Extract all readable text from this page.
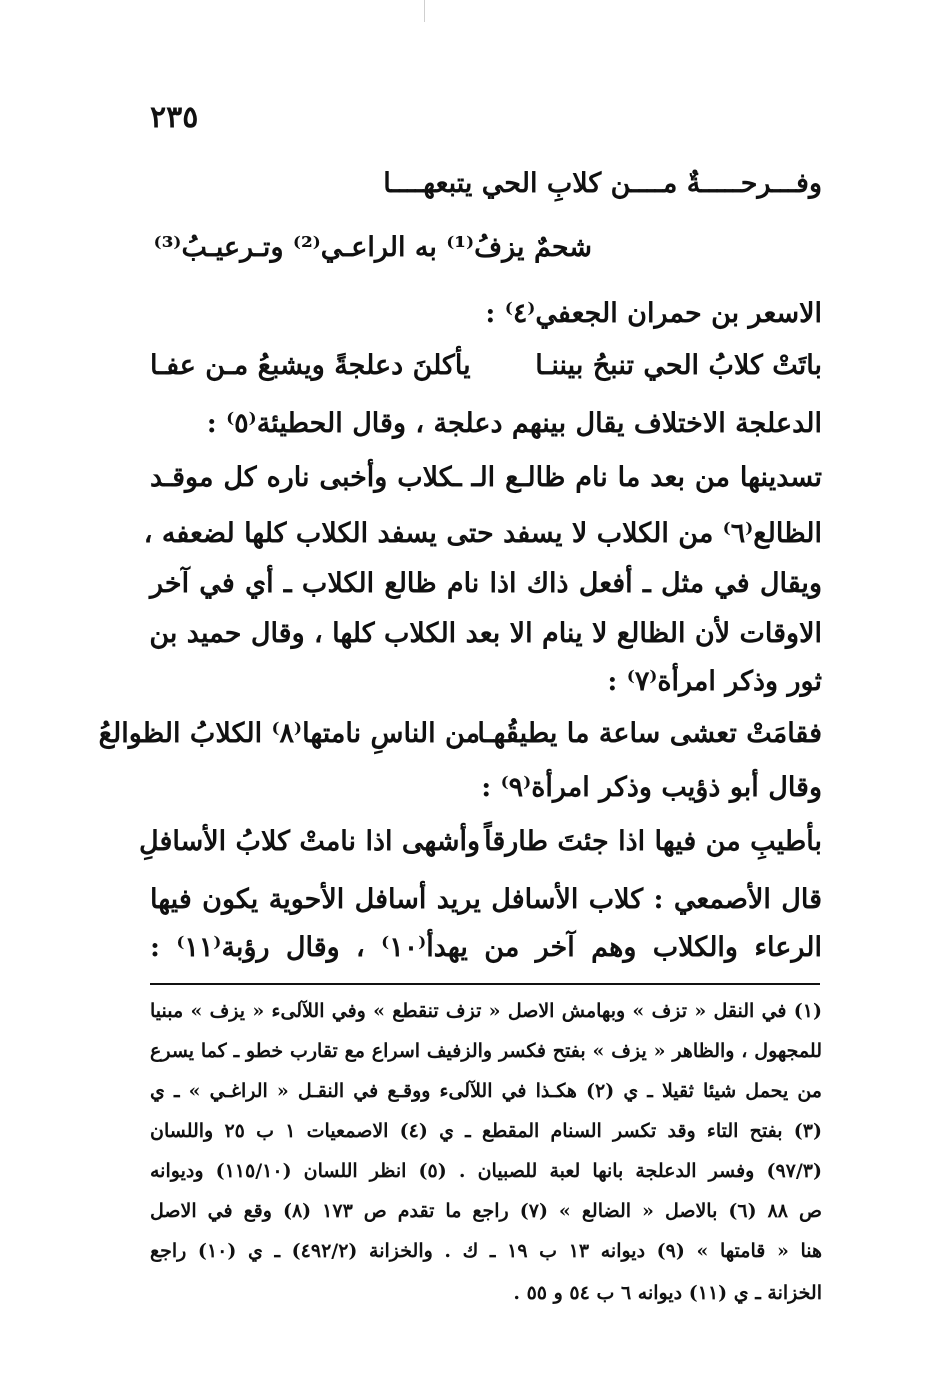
٢٣٥
وفـــرحـــــةٌ مــــن كلابِ الحي يتبعهــــا
شحمٌ يزفُ⁽¹⁾ به الراعـي⁽²⁾ وتـرعيـبُ⁽³⁾
الاسعر بن حمران الجعفي⁽٤⁾ :
باتَتْ كلابُ الحي تنبحُ بيننـا
يأكلنَ دعلجةً ويشبعُ مـن عفـا
الدعلجة الاختلاف يقال بينهم دعلجة ، وقال الحطيئة⁽٥⁾ :
تسدينها من بعد ما نام ظالـع الـ ـكلاب وأخبى ناره كل موقـد
الظالع⁽٦⁾ من الكلاب لا يسفد حتى يسفد الكلاب كلها لضعفه ،
ويقال في مثل ـ أفعل ذاك اذا نام ظالع الكلاب ـ أي في آخر
الاوقات لأن الظالع لا ينام الا بعد الكلاب كلها ، وقال حميد بن
ثور وذكر امرأة⁽٧⁾ :
فقامَتْ تعشى ساعة ما يطيقُهـا
من الناسِ نامتها⁽٨⁾ الكلابُ الظوالعُ
وقال أبو ذؤيب وذكر امرأة⁽٩⁾ :
بأطيبِ من فيها اذا جئتَ طارقاً
وأشهى اذا نامتْ كلابُ الأسافلِ
قال الأصمعي : كلاب الأسافل يريد أسافل الأحوية يكون فيها
الرعاء والكلاب وهم آخر من يهدأ⁽١٠⁾ ، وقال رؤبة⁽١١⁾ :
(١) في النقل « تزف » وبهامش الاصل « تزف تنقطع » وفي اللآلىء « يزف » مبنيا
للمجهول ، والظاهر « يزف » بفتح فكسر والزفيف اسراع مع تقارب خطو ـ كما يسرع
من يحمل شيئا ثقيلا ـ ي (٢) هكـذا في اللآلىء ووقـع في النقـل « الراغـي » ـ ي
(٣) بفتح التاء وقد تكسر السنام المقطع ـ ي (٤) الاصمعيات ١ ب ٢٥ واللسان
(٩٧/٣) وفسر الدعلجة بانها لعبة للصبيان . (٥) انظر اللسان (١١٥/١٠) وديوانه
ص ٨٨ (٦) بالاصل « الضالع » (٧) راجع ما تقدم ص ١٧٣ (٨) وقع في الاصل
هنا « قامتها » (٩) ديوانه ١٣ ب ١٩ ـ ك . والخزانة (٤٩٢/٢) ـ ي (١٠) راجع
الخزانة ـ ي (١١) ديوانه ٦ ب ٥٤ و ٥٥ .
